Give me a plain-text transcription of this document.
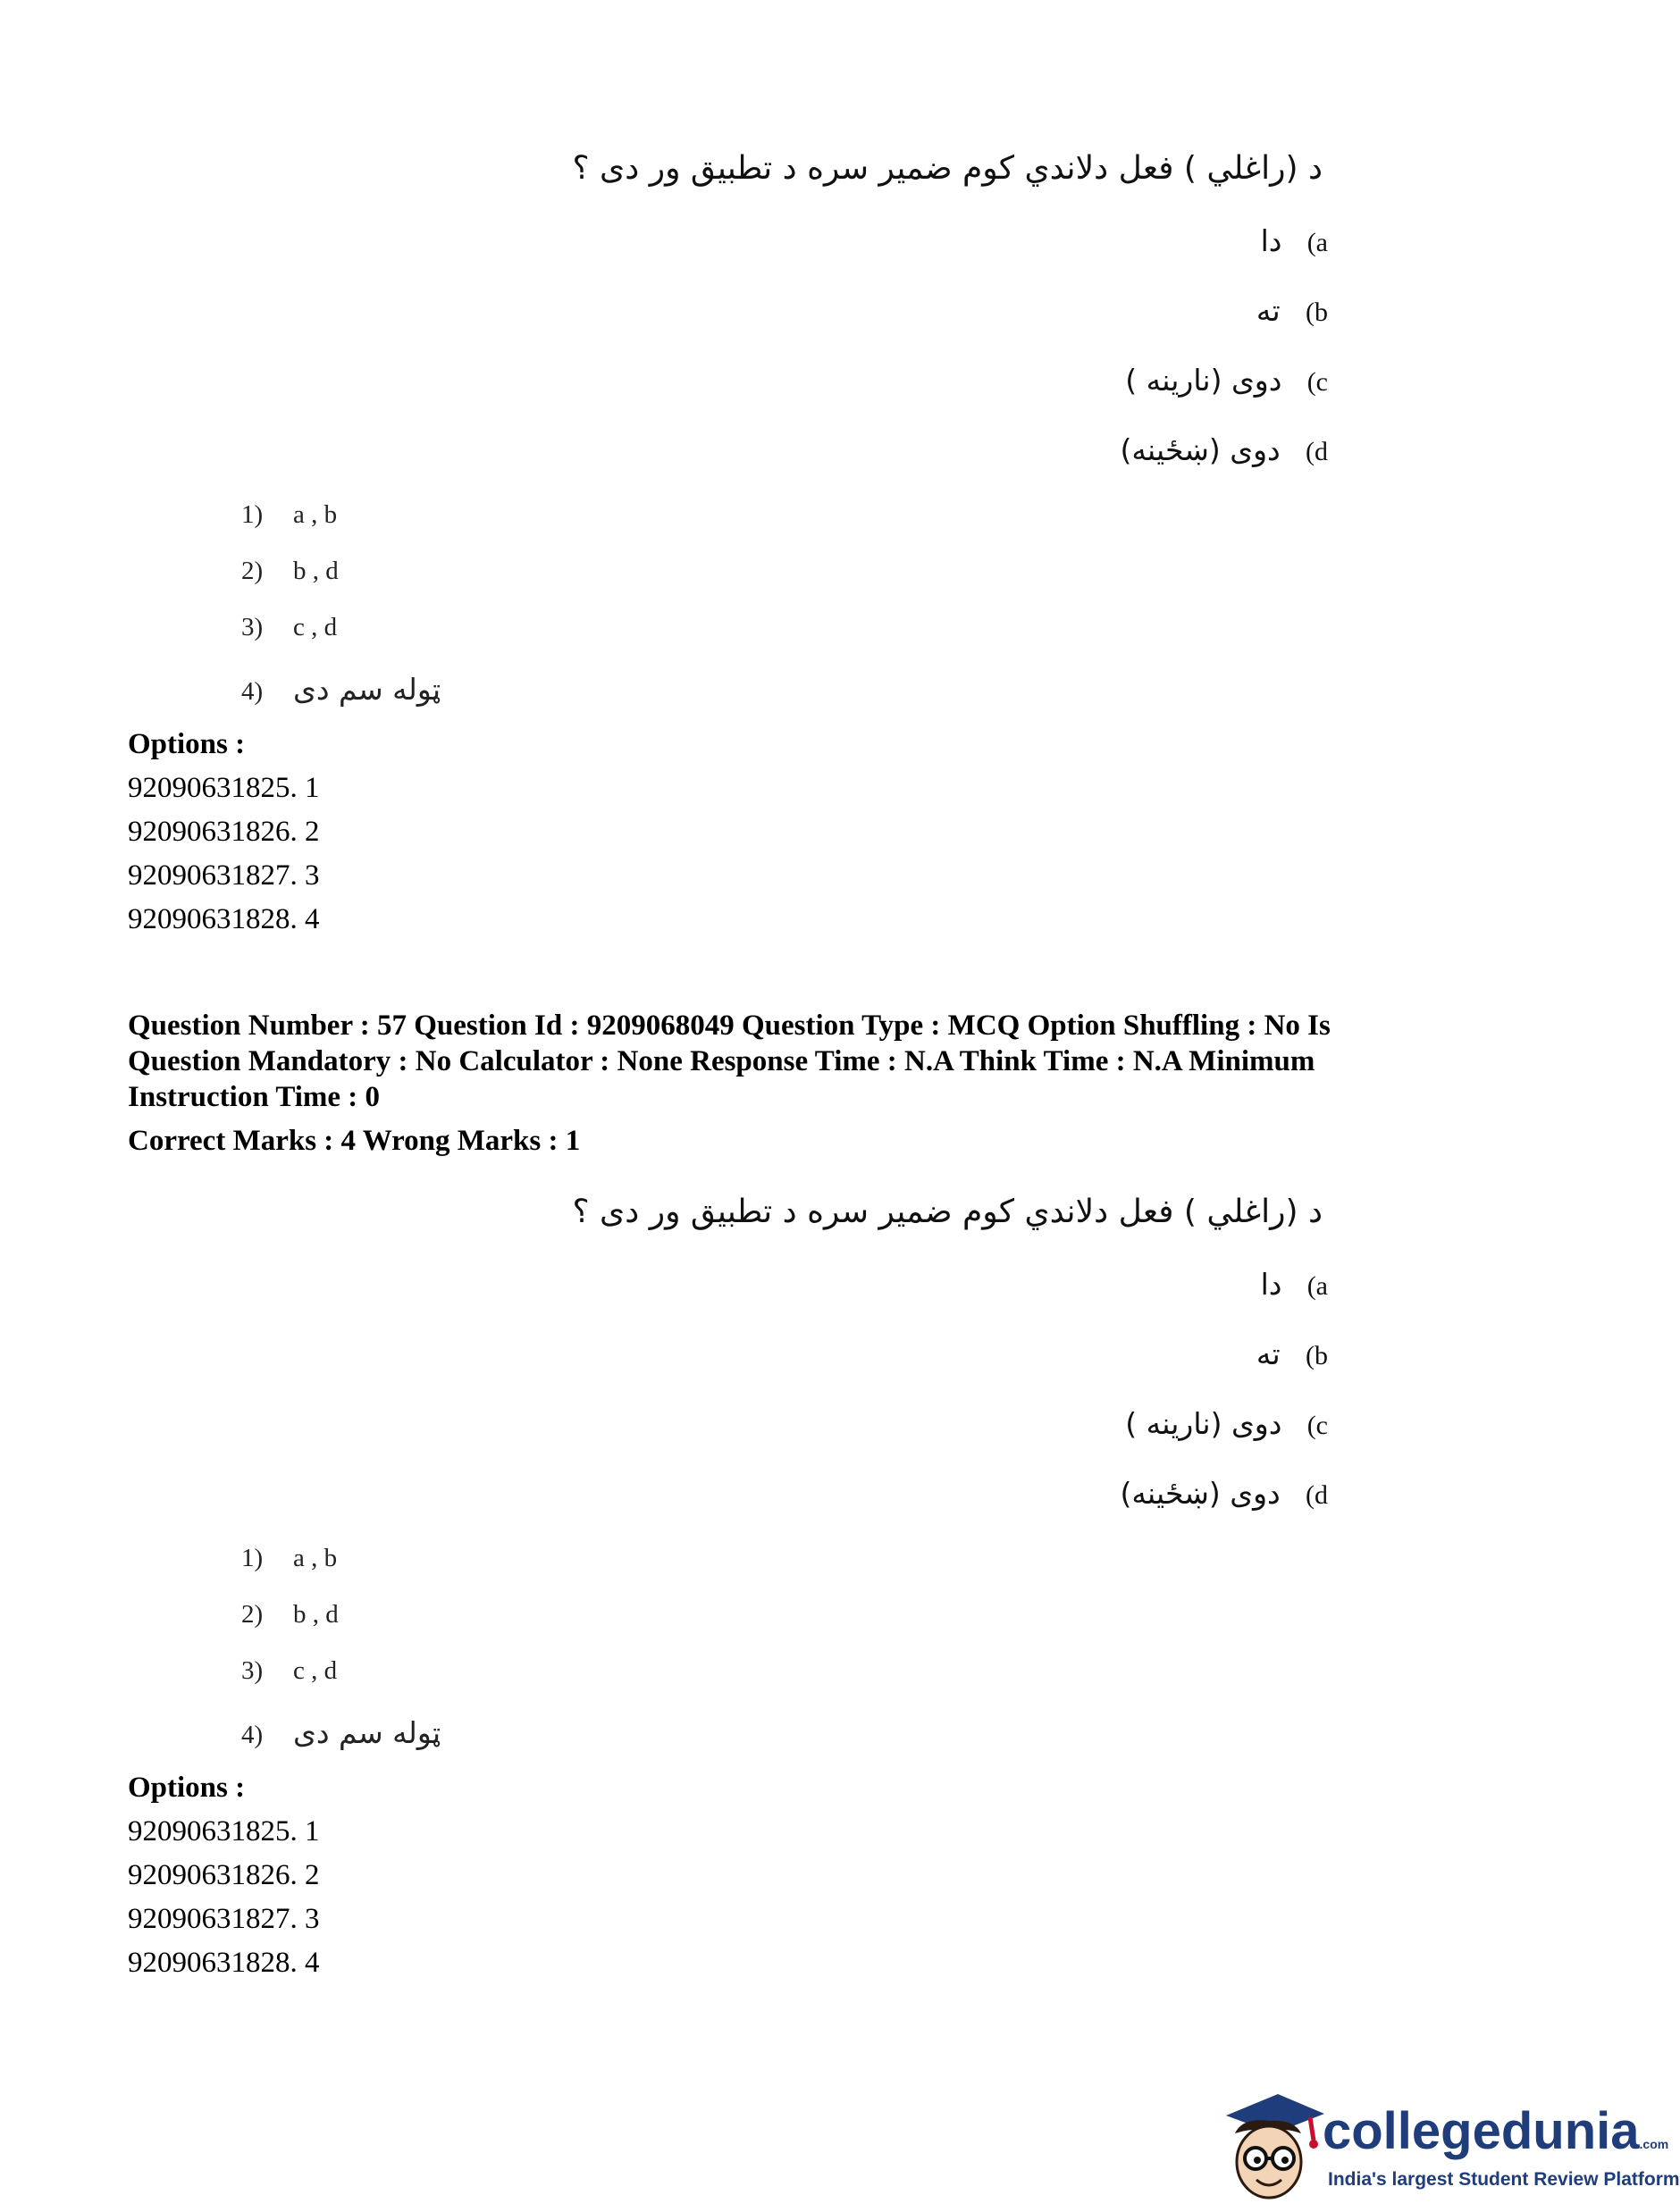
د (راغلي ) فعل دلاندي کوم ضمير سره د تطبيق ور دی ؟
دا (a
ته (b
دوی (نارینه ) (c
دوی (ښځينه) (d
1) a , b
2) b , d
3) c , d
4) ټوله سم دی
Options :
92090631825. 1
92090631826. 2
92090631827. 3
92090631828. 4
Question Number : 57 Question Id : 9209068049 Question Type : MCQ Option Shuffling : No Is
Question Mandatory : No Calculator : None Response Time : N.A Think Time : N.A Minimum
Instruction Time : 0
Correct Marks : 4 Wrong Marks : 1
د (راغلي ) فعل دلاندي کوم ضمير سره د تطبيق ور دی ؟
دا (a
ته (b
دوی (نارینه ) (c
دوی (ښځينه) (d
1) a , b
2) b , d
3) c , d
4) ټوله سم دی
Options :
92090631825. 1
92090631826. 2
92090631827. 3
92090631828. 4
collegedunia.com
India's largest Student Review Platform
